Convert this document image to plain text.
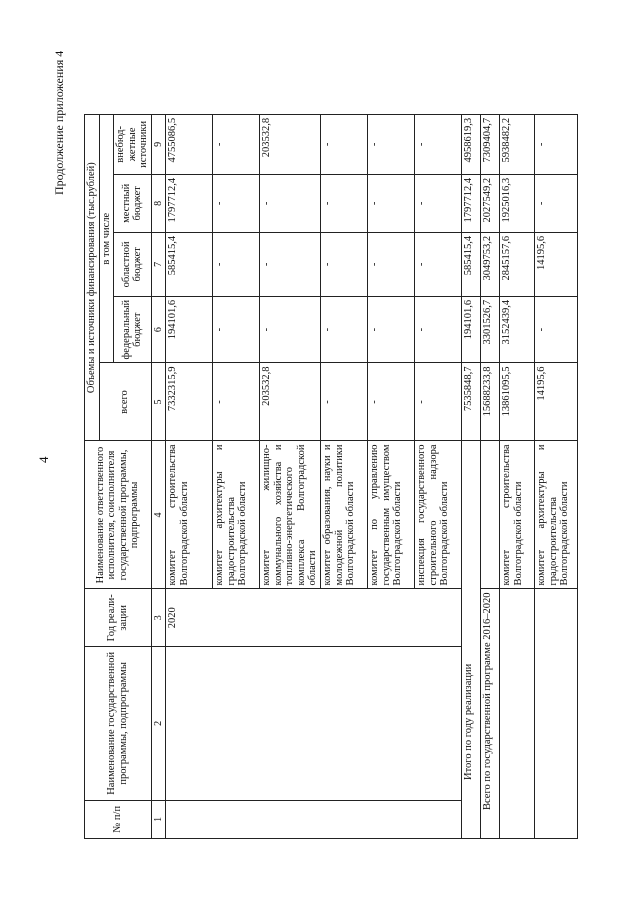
4
Продолжение приложения 4
№ п/п	Наименование государственной программы, подпрограммы	Год реали-зации	Наименование ответственного исполнителя, соисполнителя государственной программы, подпрограммы	Объемы и источники финансирования (тыс.рублей)				
				всего	в том числе			
					федеральный бюджет	областной бюджет	местный бюджет	внебюд-жетные источники
1	2	3	4	5	6	7	8	9
		2020	комитет строительства Волгоградской области	7332315,9	194101,6	585415,4	1797712,4	4755086,5
			комитет архитектуры и градостроительства Волгоградской области	-	-	-	-	-
			комитет жилищно-коммунального хозяйства и топливно-энергетического комплекса Волгоградской области	203532,8	-	-	-	203532,8
			комитет образования, науки и молодежной политики Волгоградской области	-	-	-	-	-
			комитет по управлению государственным имуществом Волгоградской области	-	-	-	-	-
			инспекция государственного строительного надзора Волгоградской области	-	-	-	-	-
Итого по году реализации				7535848,7	194101,6	585415,4	1797712,4	4958619,3
Всего по государственной программе 2016–2020				15688233,8	3301526,7	3049753,2	2027549,2	7309404,7
			комитет строительства Волгоградской области	13861095,5	3152439,4	2845157,6	1925016,3	5938482,2
			комитет архитектуры и градостроительства Волгоградской области	14195,6	-	14195,6	-	-
